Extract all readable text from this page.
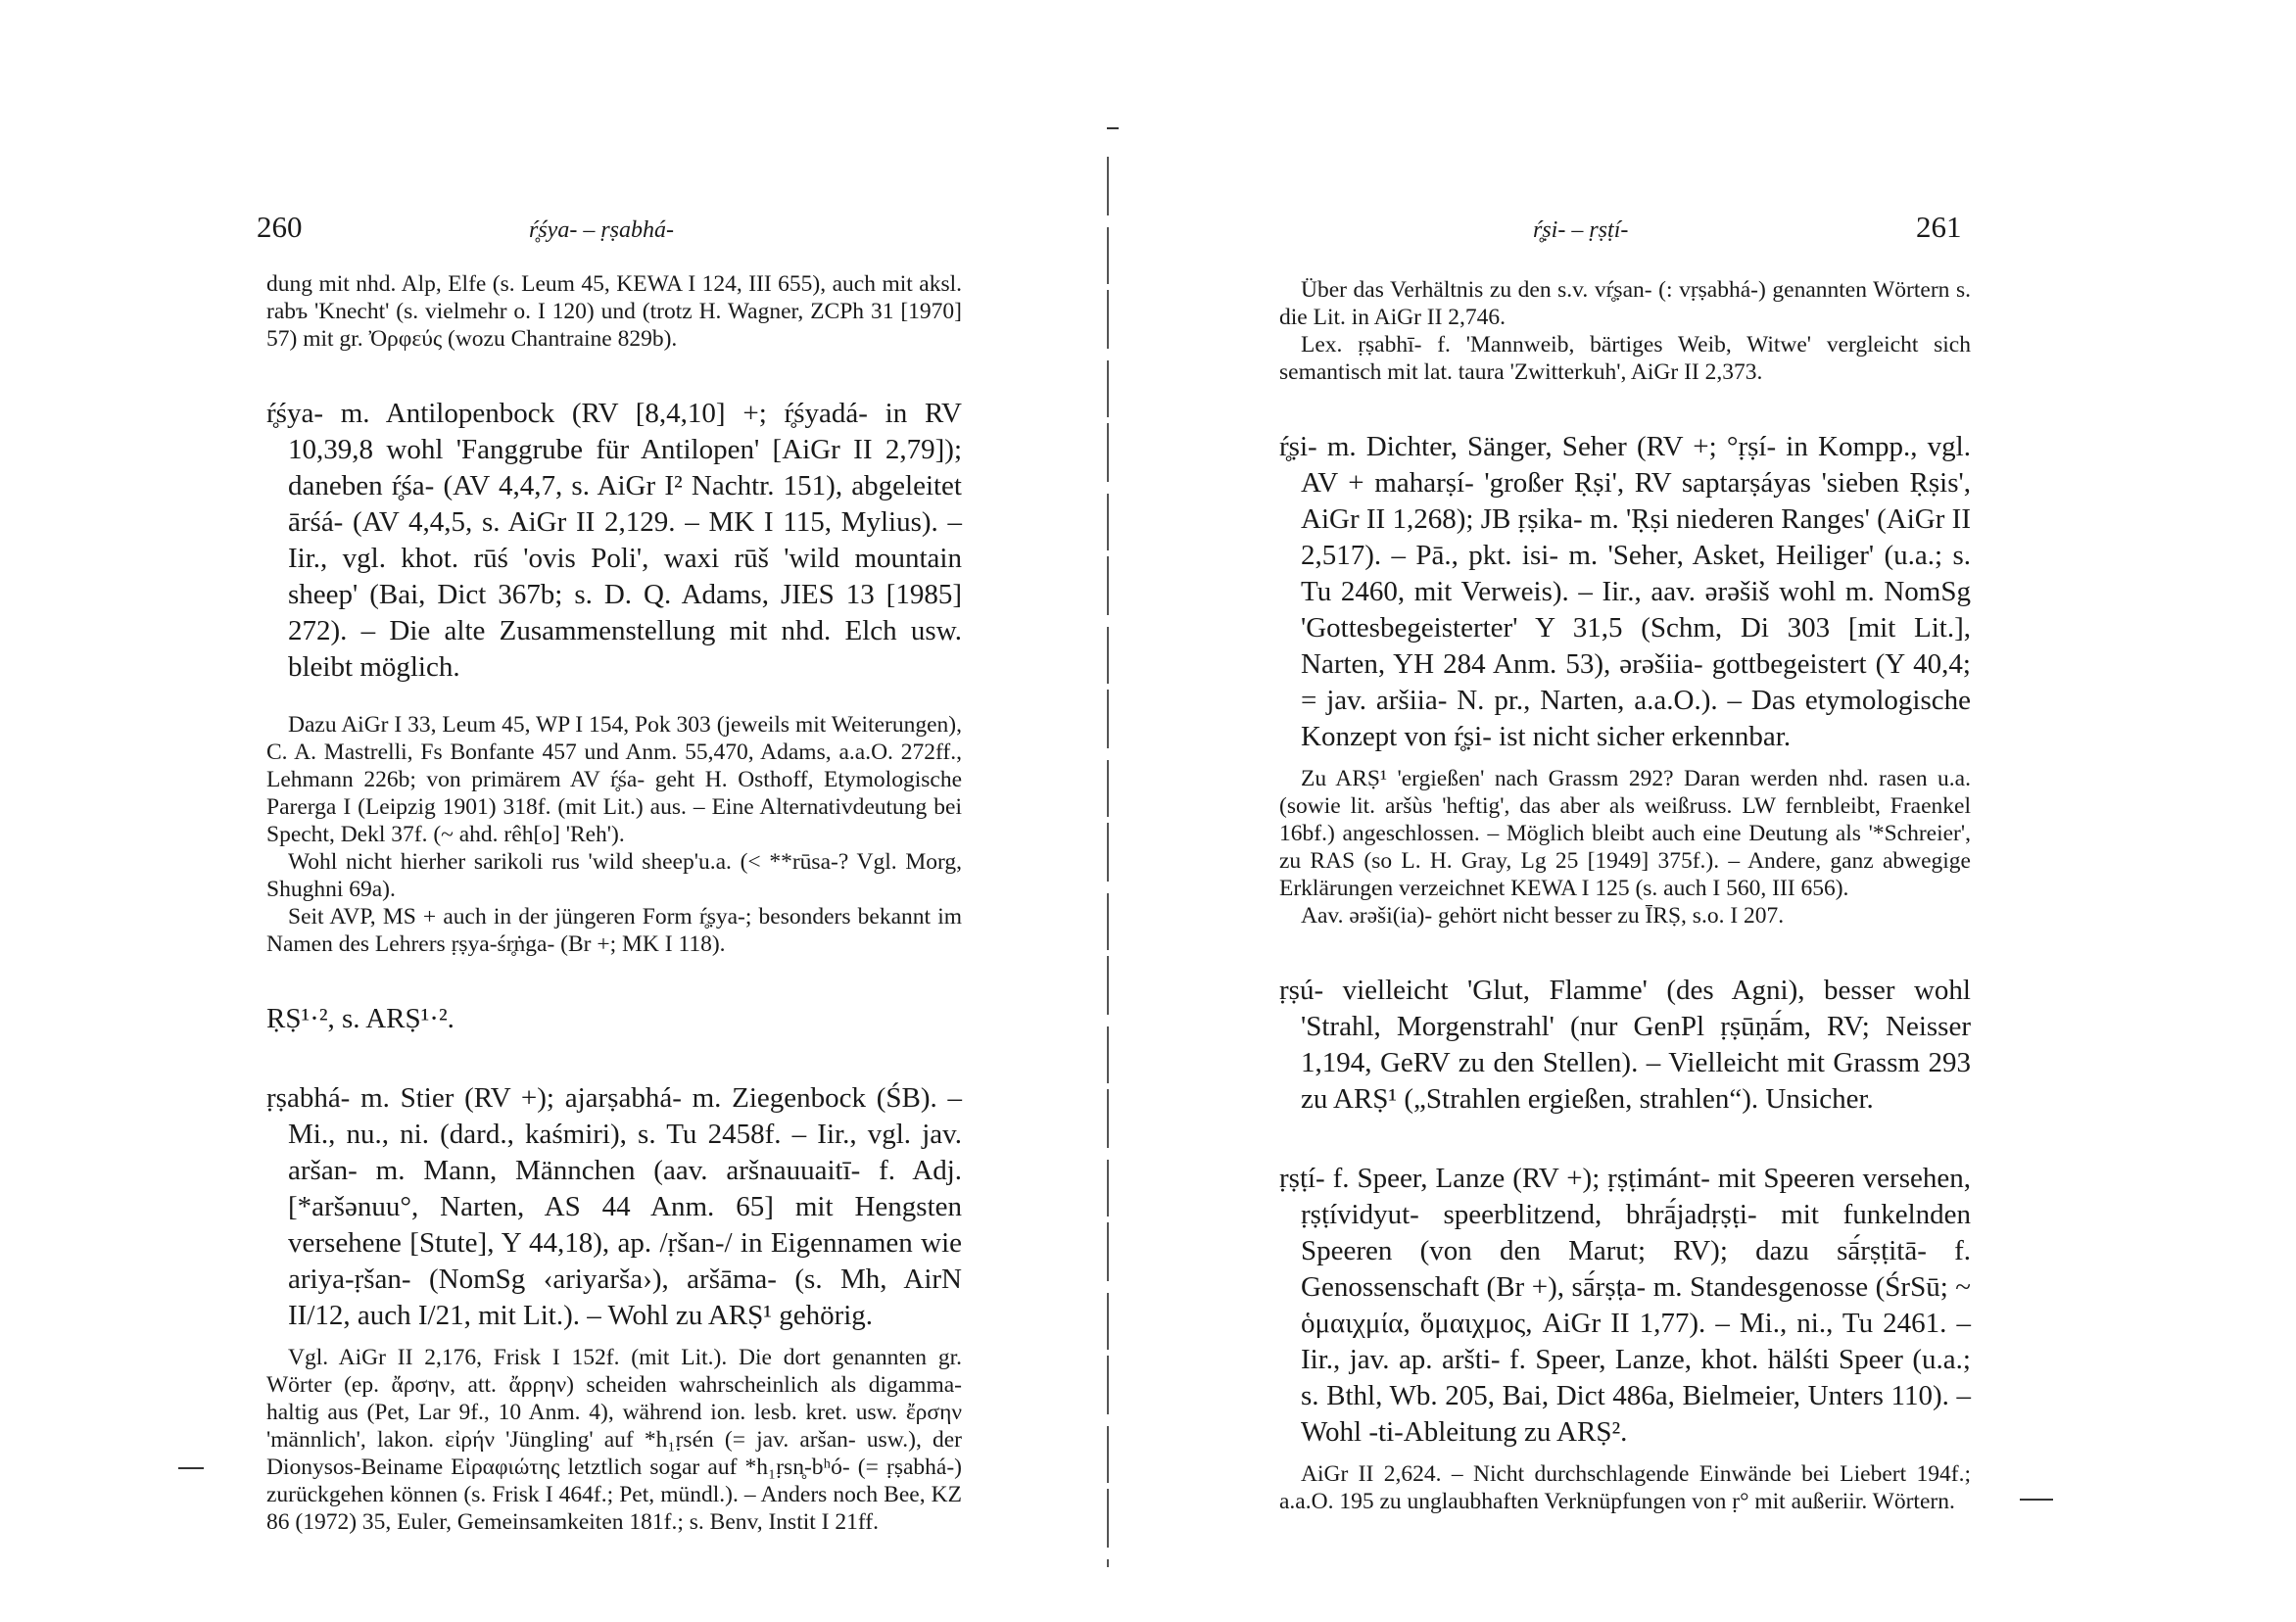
260	ŕ̥śya- – ṛṣabhá-

dung mit nhd. Alp, Elfe (s. Leum 45, KEWA I 124, III 655), auch mit aksl. rabъ 'Knecht' (s. vielmehr o. I 120) und (trotz H. Wagner, ZCPh 31 [1970] 57) mit gr. Ὀρφεύς (wozu Chantraine 829b).

ŕ̥śya- m. Antilopenbock (RV [8,4,10] +; ŕ̥śyadá- in RV 10,39,8 wohl 'Fanggrube für Antilopen' [AiGr II 2,79]); daneben ŕ̥śa- (AV 4,4,7, s. AiGr I² Nachtr. 151), abgeleitet ārśá- (AV 4,4,5, s. AiGr II 2,129. – MK I 115, Mylius). – Iir., vgl. khot. rūś 'ovis Poli', waxi rūš 'wild mountain sheep' (Bai, Dict 367b; s. D. Q. Adams, JIES 13 [1985] 272). – Die alte Zusammenstellung mit nhd. Elch usw. bleibt möglich.

Dazu AiGr I 33, Leum 45, WP I 154, Pok 303 (jeweils mit Weiterungen), C. A. Mastrelli, Fs Bonfante 457 und Anm. 55,470, Adams, a.a.O. 272ff., Lehmann 226b; von primärem AV ŕ̥śa- geht H. Osthoff, Etymologische Parerga I (Leipzig 1901) 318f. (mit Lit.) aus. – Eine Alternativdeutung bei Specht, Dekl 37f. (~ ahd. rêh[o] 'Reh').

Wohl nicht hierher sarikoli rus 'wild sheep'u.a. (< **rūsa-? Vgl. Morg, Shughni 69a).

Seit AVP, MS + auch in der jüngeren Form ŕ̥ṣya-; besonders bekannt im Namen des Lehrers ṛṣya-śr̥ṅga- (Br +; MK I 118).

ṚṢ¹·², s. ARṢ¹·².

ṛṣabhá- m. Stier (RV +); ajarṣabhá- m. Ziegenbock (ŚB). – Mi., nu., ni. (dard., kaśmiri), s. Tu 2458f. – Iir., vgl. jav. aršan- m. Mann, Männchen (aav. aršnauuaitī- f. Adj. [*aršənuu°, Narten, AS 44 Anm. 65] mit Hengsten versehene [Stute], Y 44,18), ap. /ṛšan-/ in Eigennamen wie ariya-ṛšan- (NomSg ‹ariyarša›), aršāma- (s. Mh, AirN II/12, auch I/21, mit Lit.). – Wohl zu ARṢ¹ gehörig.

Vgl. AiGr II 2,176, Frisk I 152f. (mit Lit.). Die dort genannten gr. Wörter (ep. ἄρσην, att. ἄρρην) scheiden wahrscheinlich als digamma-haltig aus (Pet, Lar 9f., 10 Anm. 4), während ion. lesb. kret. usw. ἔρσην 'männlich', lakon. εἰρήν 'Jüngling' auf *h₁ṛsén (= jav. aršan- usw.), der Dionysos-Beiname Εἰραφιώτης letztlich sogar auf *h₁ṛsn̥-bʰó- (= ṛṣabhá-) zurückgehen können (s. Frisk I 464f.; Pet, mündl.). – Anders noch Bee, KZ 86 (1972) 35, Euler, Gemeinsamkeiten 181f.; s. Benv, Instit I 21ff.

ŕ̥ṣi- – ṛṣṭí-	261

Über das Verhältnis zu den s.v. vŕ̥ṣan- (: vṛṣabhá-) genannten Wörtern s. die Lit. in AiGr II 2,746.

Lex. ṛṣabhī- f. 'Mannweib, bärtiges Weib, Witwe' vergleicht sich semantisch mit lat. taura 'Zwitterkuh', AiGr II 2,373.

ŕ̥ṣi- m. Dichter, Sänger, Seher (RV +; °ṛṣí- in Kompp., vgl. AV + maharṣí- 'großer Ṛṣi', RV saptarṣáyas 'sieben Ṛṣis', AiGr II 1,268); JB ṛṣika- m. 'Ṛṣi niederen Ranges' (AiGr II 2,517). – Pā., pkt. isi- m. 'Seher, Asket, Heiliger' (u.a.; s. Tu 2460, mit Verweis). – Iir., aav. ərəšiš wohl m. NomSg 'Gottesbegeisterter' Y 31,5 (Schm, Di 303 [mit Lit.], Narten, YH 284 Anm. 53), ərəšiia- gottbegeistert (Y 40,4; = jav. aršiia- N. pr., Narten, a.a.O.). – Das etymologische Konzept von ŕ̥ṣi- ist nicht sicher erkennbar.

Zu ARṢ¹ 'ergießen' nach Grassm 292? Daran werden nhd. rasen u.a. (sowie lit. aršùs 'heftig', das aber als weißruss. LW fernbleibt, Fraenkel 16bf.) angeschlossen. – Möglich bleibt auch eine Deutung als '*Schreier', zu RAS (so L. H. Gray, Lg 25 [1949] 375f.). – Andere, ganz abwegige Erklärungen verzeichnet KEWA I 125 (s. auch I 560, III 656).

Aav. ərəši(ia)- gehört nicht besser zu ĪRṢ, s.o. I 207.

ṛṣú- vielleicht 'Glut, Flamme' (des Agni), besser wohl 'Strahl, Morgenstrahl' (nur GenPl ṛṣūṇā́m, RV; Neisser 1,194, GeRV zu den Stellen). – Vielleicht mit Grassm 293 zu ARṢ¹ („Strahlen ergießen, strahlen“). Unsicher.

ṛṣṭí- f. Speer, Lanze (RV +); ṛṣṭimánt- mit Speeren versehen, ṛṣṭívidyut- speerblitzend, bhrā́jadṛṣṭi- mit funkelnden Speeren (von den Marut; RV); dazu sā́rṣṭitā- f. Genossenschaft (Br +), sā́rṣṭa- m. Standesgenosse (ŚrSū; ~ ὁμαιχμία, ὅμαιχμος, AiGr II 1,77). – Mi., ni., Tu 2461. – Iir., jav. ap. aršti- f. Speer, Lanze, khot. hälśti Speer (u.a.; s. Bthl, Wb. 205, Bai, Dict 486a, Bielmeier, Unters 110). – Wohl -ti-Ableitung zu ARṢ².

AiGr II 2,624. – Nicht durchschlagende Einwände bei Liebert 194f.; a.a.O. 195 zu unglaubhaften Verknüpfungen von ṛ° mit außeriir. Wörtern.
